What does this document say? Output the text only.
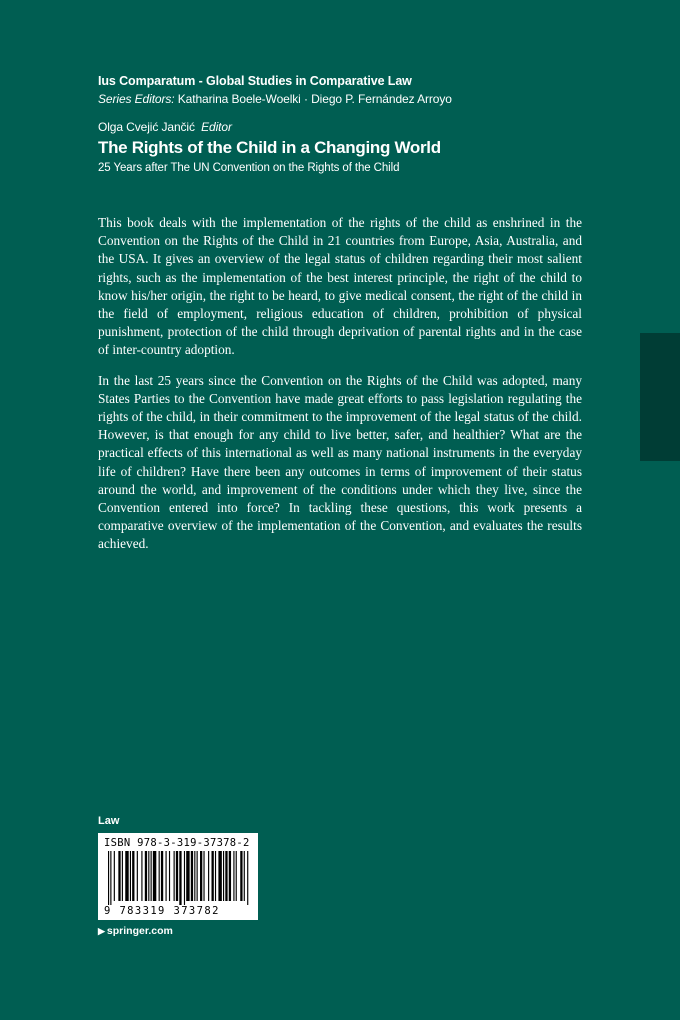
Ius Comparatum - Global Studies in Comparative Law
Series Editors: Katharina Boele-Woelki · Diego P. Fernández Arroyo
Olga Cvejić Jančić Editor
The Rights of the Child in a Changing World
25 Years after The UN Convention on the Rights of the Child

This book deals with the implementation of the rights of the child as enshrined in the Convention on the Rights of the Child in 21 countries from Europe, Asia, Australia, and the USA. It gives an overview of the legal status of children regarding their most salient rights, such as the implementation of the best interest principle, the right of the child to know his/her origin, the right to be heard, to give medical consent, the right of the child in the field of employment, religious education of children, prohibition of physical punishment, protection of the child through deprivation of parental rights and in the case of inter-country adoption.

In the last 25 years since the Convention on the Rights of the Child was adopted, many States Parties to the Convention have made great efforts to pass legislation regulating the rights of the child, in their commitment to the improvement of the legal status of the child. However, is that enough for any child to live better, safer, and healthier? What are the practical effects of this international as well as many national instruments in the everyday life of children? Have there been any outcomes in terms of improvement of their status around the world, and improvement of the conditions under which they live, since the Convention entered into force? In tackling these questions, this work presents a comparative overview of the implementation of the Convention, and evaluates the results achieved.

Law
ISBN 978-3-319-37378-2
9 783319 373782
▶ springer.com
